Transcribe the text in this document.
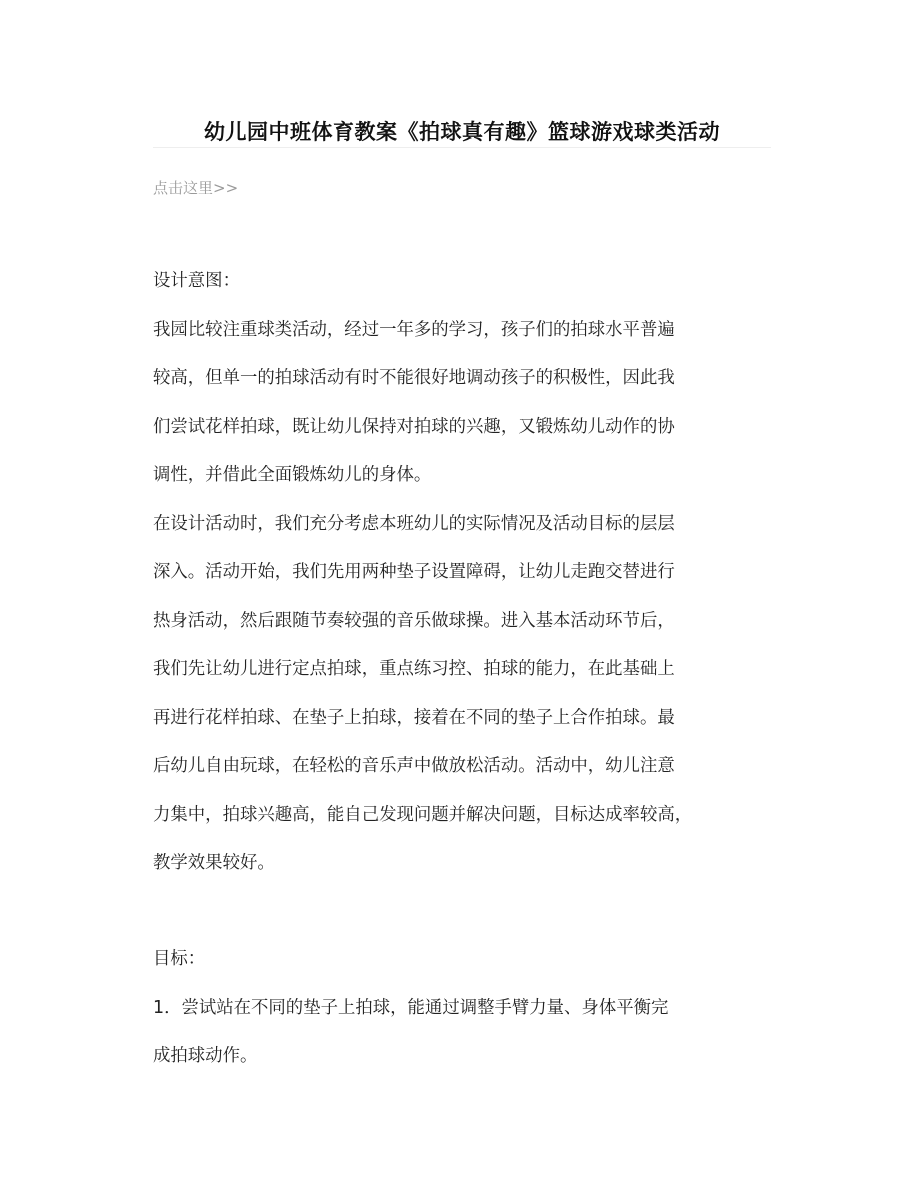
幼儿园中班体育教案《拍球真有趣》篮球游戏球类活动
点击这里>>
设计意图：
我园比较注重球类活动，经过一年多的学习，孩子们的拍球水平普遍
较高，但单一的拍球活动有时不能很好地调动孩子的积极性，因此我
们尝试花样拍球，既让幼儿保持对拍球的兴趣，又锻炼幼儿动作的协
调性，并借此全面锻炼幼儿的身体。
在设计活动时，我们充分考虑本班幼儿的实际情况及活动目标的层层
深入。活动开始，我们先用两种垫子设置障碍，让幼儿走跑交替进行
热身活动，然后跟随节奏较强的音乐做球操。进入基本活动环节后，
我们先让幼儿进行定点拍球，重点练习控、拍球的能力，在此基础上
再进行花样拍球、在垫子上拍球，接着在不同的垫子上合作拍球。最
后幼儿自由玩球，在轻松的音乐声中做放松活动。活动中，幼儿注意
力集中，拍球兴趣高，能自己发现问题并解决问题，目标达成率较高，
教学效果较好。
目标：
1．尝试站在不同的垫子上拍球，能通过调整手臂力量、身体平衡完
成拍球动作。
